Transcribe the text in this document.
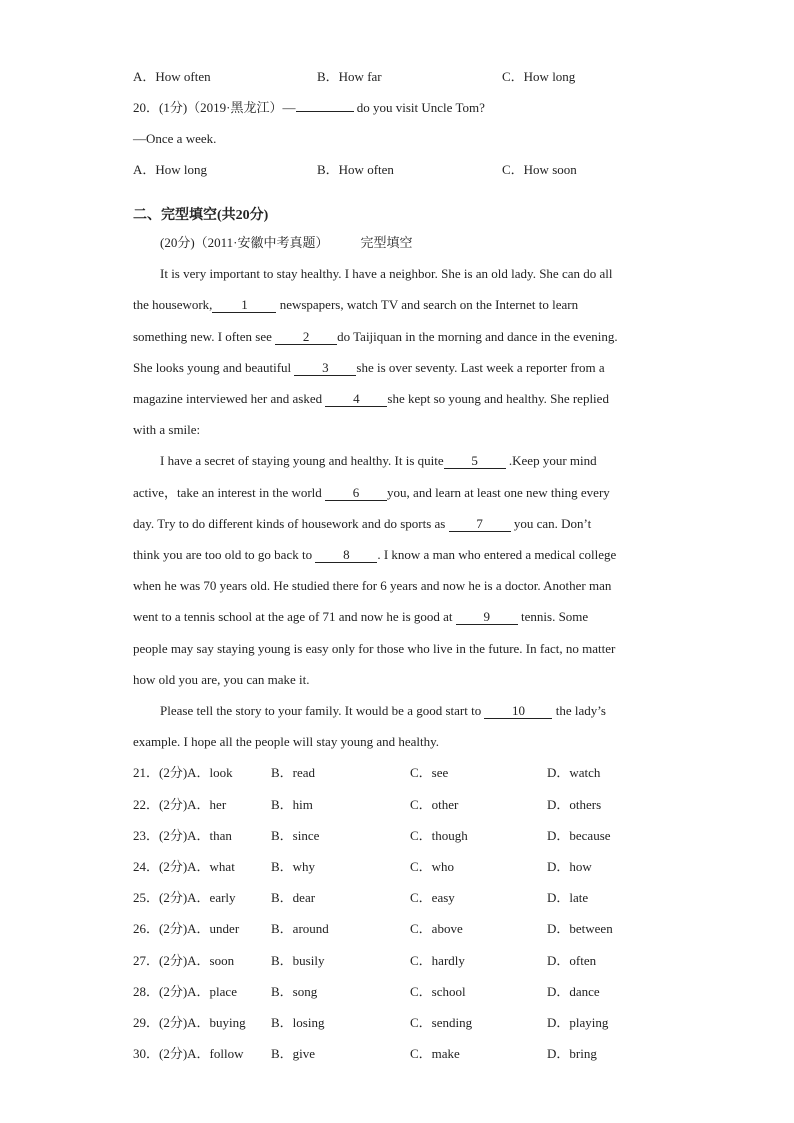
A．How often	B．How far	C．How long
20．(1分)（2019·黑龙江）—	do you visit Uncle Tom?
—Once a week.
A．How long	B．How often	C．How soon
二、完型填空(共20分)
(20分)（2011·安徽中考真题） 完型填空
It is very important to stay healthy. I have a neighbor. She is an old lady. She can do all
the housework, 1 newspapers, watch TV and search on the Internet to learn
something new. I often see 2 do Taijiquan in the morning and dance in the evening.
She looks young and beautiful 3 she is over seventy. Last week a reporter from a
magazine interviewed her and asked 4 she kept so young and healthy. She replied
with a smile:
I have a secret of staying young and healthy. It is quite 5 .Keep your mind
active，take an interest in the world 6 you, and learn at least one new thing every
day. Try to do different kinds of housework and do sports as 7 you can. Don’t
think you are too old to go back to 8 . I know a man who entered a medical college
when he was 70 years old. He studied there for 6 years and now he is a doctor. Another man
went to a tennis school at the age of 71 and now he is good at 9 tennis. Some
people may say staying young is easy only for those who live in the future. In fact, no matter
how old you are, you can make it.
Please tell the story to your family. It would be a good start to 10 the lady’s
example. I hope all the people will stay young and healthy.
21．(2分)A．look	B．read	C．see	D．watch
22．(2分)A．her	B．him	C．other	D．others
23．(2分)A．than	B．since	C．though	D．because
24．(2分)A．what	B．why	C．who	D．how
25．(2分)A．early	B．dear	C．easy	D．late
26．(2分)A．under B．around	C．above	D．between
27．(2分)A．soon	B．busily	C．hardly	D．often
28．(2分)A．place	B．song	C．school	D．dance
29．(2分)A．buying B．losing	C．sending	D．playing
30．(2分)A．follow B．give	C．make	D．bring
